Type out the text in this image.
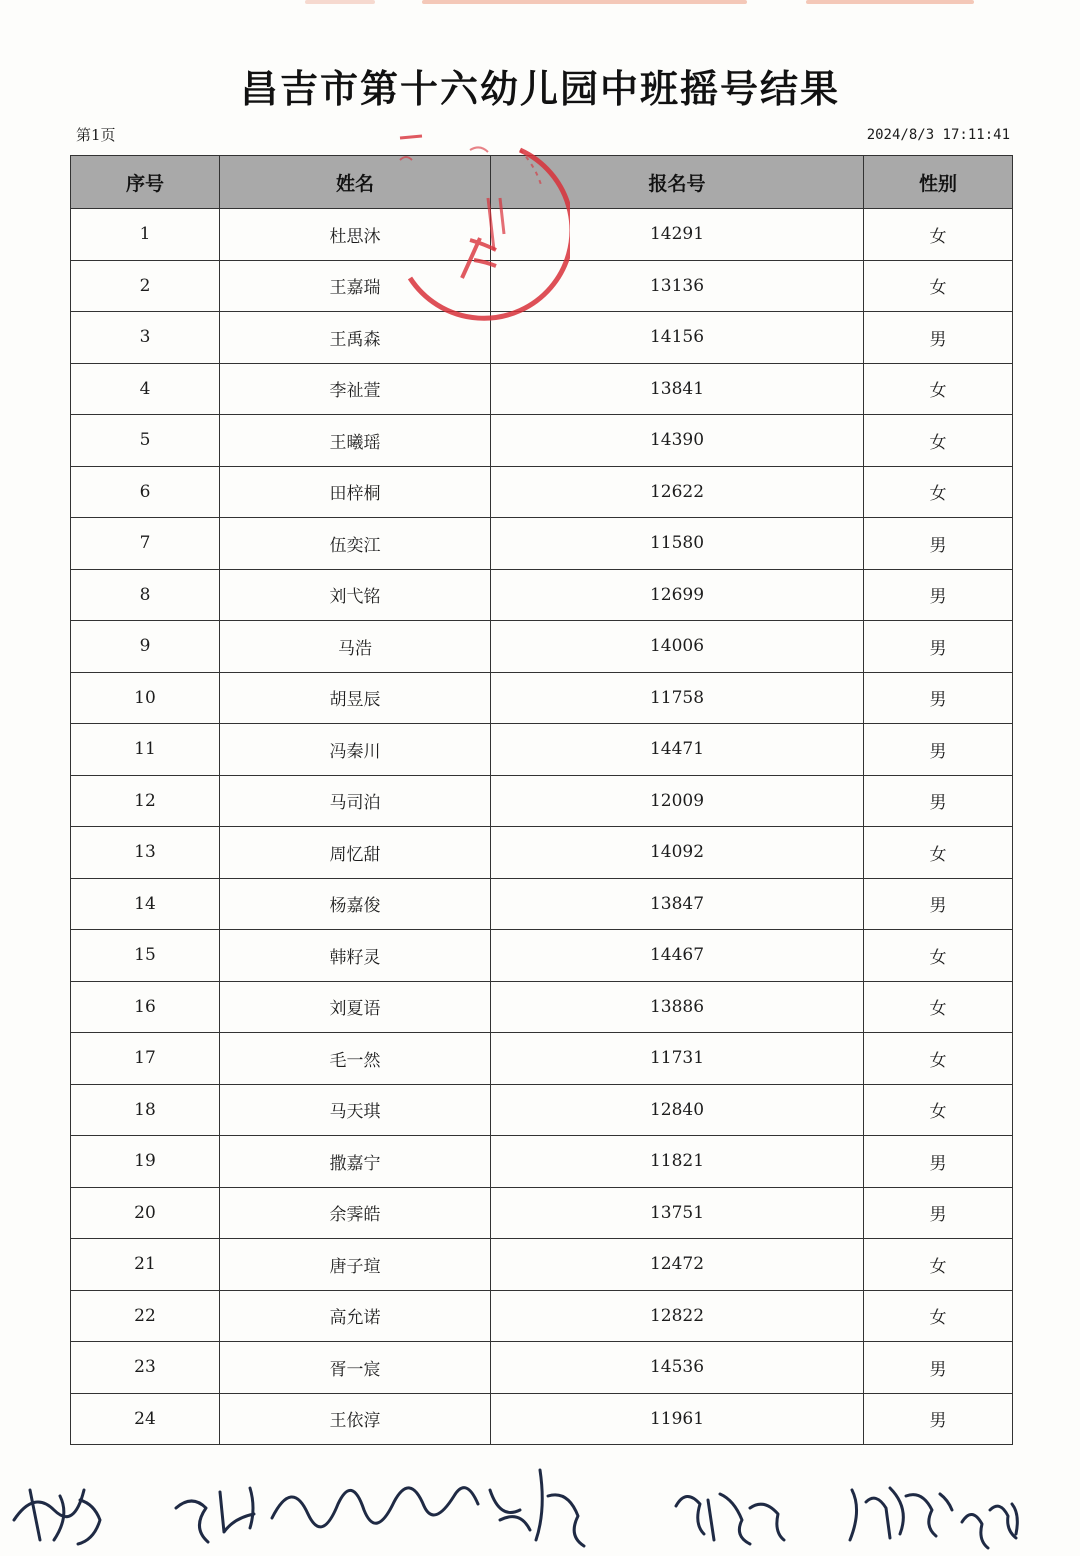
昌吉市第十六幼儿园中班摇号结果
第1页	2024/8/3 17:11:41
序号	姓名	报名号	性别
1	杜思沐	14291	女
2	王嘉瑞	13136	女
3	王禹森	14156	男
4	李祉萱	13841	女
5	王曦瑶	14390	女
6	田梓桐	12622	女
7	伍奕江	11580	男
8	刘弋铭	12699	男
9	马浩	14006	男
10	胡昱辰	11758	男
11	冯秦川	14471	男
12	马司泊	12009	男
13	周忆甜	14092	女
14	杨嘉俊	13847	男
15	韩籽灵	14467	女
16	刘夏语	13886	女
17	毛一然	11731	女
18	马天琪	12840	女
19	撒嘉宁	11821	男
20	余霁皓	13751	男
21	唐子瑄	12472	女
22	高允诺	12822	女
23	胥一宸	14536	男
24	王依淳	11961	男
